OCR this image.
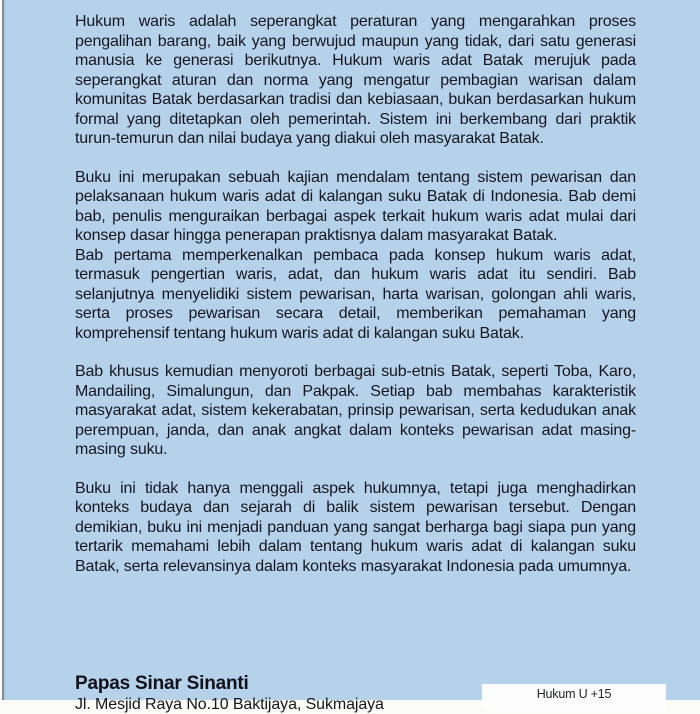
Hukum waris adalah seperangkat peraturan yang mengarahkan proses pengalihan barang, baik yang berwujud maupun yang tidak, dari satu generasi manusia ke generasi berikutnya. Hukum waris adat Batak merujuk pada seperangkat aturan dan norma yang mengatur pembagian warisan dalam komunitas Batak berdasarkan tradisi dan kebiasaan, bukan berdasarkan hukum formal yang ditetapkan oleh pemerintah. Sistem ini berkembang dari praktik turun-temurun dan nilai budaya yang diakui oleh masyarakat Batak.

Buku ini merupakan sebuah kajian mendalam tentang sistem pewarisan dan pelaksanaan hukum waris adat di kalangan suku Batak di Indonesia. Bab demi bab, penulis menguraikan berbagai aspek terkait hukum waris adat mulai dari konsep dasar hingga penerapan praktisnya dalam masyarakat Batak.

Bab pertama memperkenalkan pembaca pada konsep hukum waris adat, termasuk pengertian waris, adat, dan hukum waris adat itu sendiri. Bab selanjutnya menyelidiki sistem pewarisan, harta warisan, golongan ahli waris, serta proses pewarisan secara detail, memberikan pemahaman yang komprehensif tentang hukum waris adat di kalangan suku Batak.

Bab khusus kemudian menyoroti berbagai sub-etnis Batak, seperti Toba, Karo, Mandailing, Simalungun, dan Pakpak. Setiap bab membahas karakteristik masyarakat adat, sistem kekerabatan, prinsip pewarisan, serta kedudukan anak perempuan, janda, dan anak angkat dalam konteks pewarisan adat masing-masing suku.

Buku ini tidak hanya menggali aspek hukumnya, tetapi juga menghadirkan konteks budaya dan sejarah di balik sistem pewarisan tersebut. Dengan demikian, buku ini menjadi panduan yang sangat berharga bagi siapa pun yang tertarik memahami lebih dalam tentang hukum waris adat di kalangan suku Batak, serta relevansinya dalam konteks masyarakat Indonesia pada umumnya.

Papas Sinar Sinanti
Jl. Mesjid Raya No.10 Baktijaya, Sukmajaya
Hukum U +15
